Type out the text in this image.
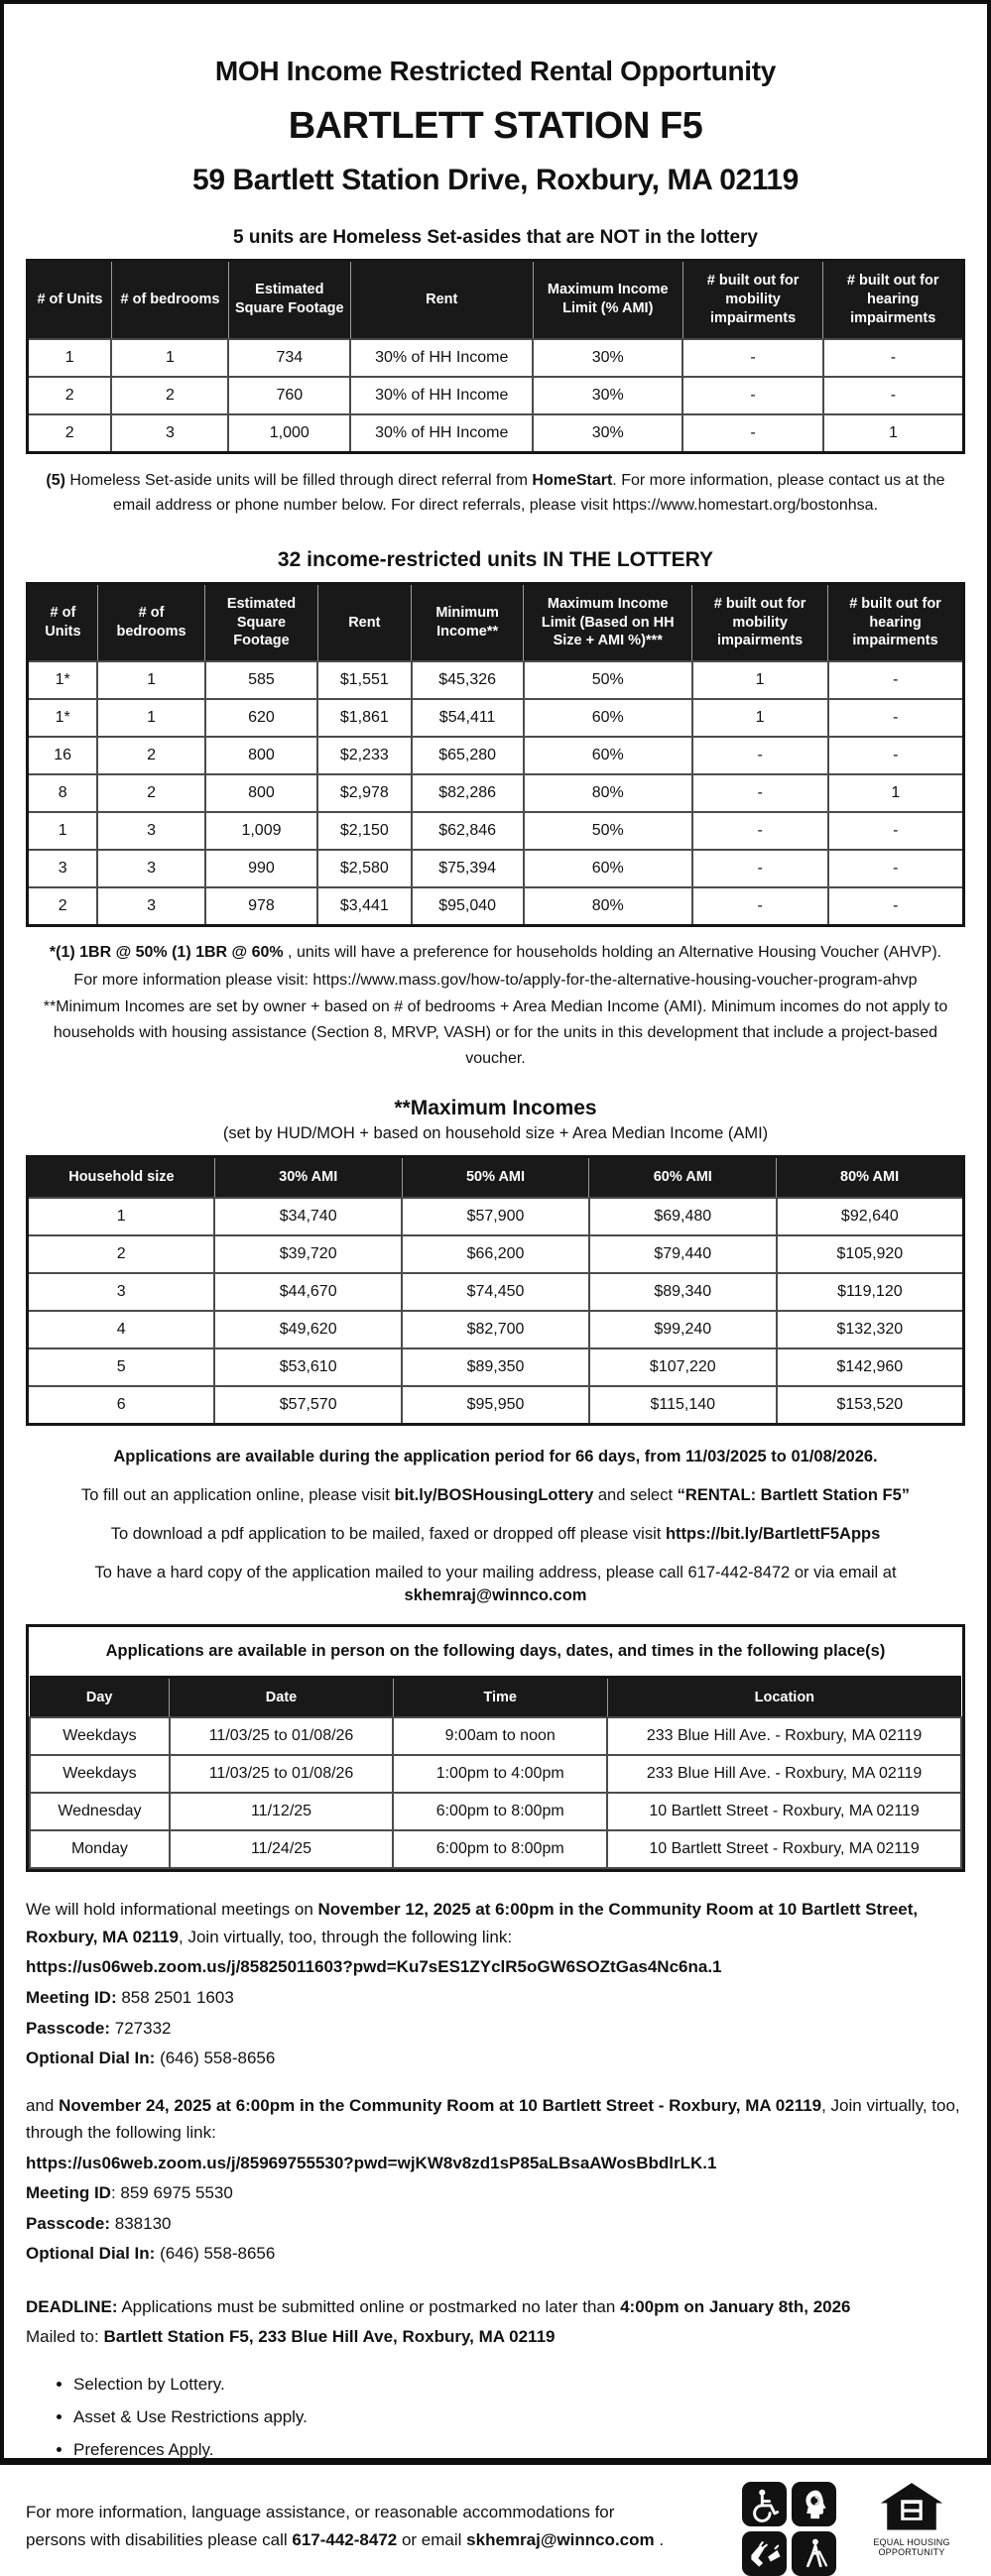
MOH Income Restricted Rental Opportunity
BARTLETT STATION F5
59 Bartlett Station Drive, Roxbury, MA 02119
5 units are Homeless Set-asides that are NOT in the lottery
# of Units	# of bedrooms	Estimated Square Footage	Rent	Maximum Income Limit (% AMI)	# built out for mobility impairments	# built out for hearing impairments
1	1	734	30% of HH Income	30%	-	-
2	2	760	30% of HH Income	30%	-	-
2	3	1,000	30% of HH Income	30%	-	1

(5) Homeless Set-aside units will be filled through direct referral from HomeStart. For more information, please contact us at the email address or phone number below. For direct referrals, please visit https://www.homestart.org/bostonhsa.

32 income-restricted units IN THE LOTTERY
# of Units	# of bedrooms	Estimated Square Footage	Rent	Minimum Income**	Maximum Income Limit (Based on HH Size + AMI %)***	# built out for mobility impairments	# built out for hearing impairments
1*	1	585	$1,551	$45,326	50%	1	-
1*	1	620	$1,861	$54,411	60%	1	-
16	2	800	$2,233	$65,280	60%	-	-
8	2	800	$2,978	$82,286	80%	-	1
1	3	1,009	$2,150	$62,846	50%	-	-
3	3	990	$2,580	$75,394	60%	-	-
2	3	978	$3,441	$95,040	80%	-	-

*(1) 1BR @ 50% (1) 1BR @ 60% , units will have a preference for households holding an Alternative Housing Voucher (AHVP).

For more information please visit: https://www.mass.gov/how-to/apply-for-the-alternative-housing-voucher-program-ahvp

**Minimum Incomes are set by owner + based on # of bedrooms + Area Median Income (AMI). Minimum incomes do not apply to households with housing assistance (Section 8, MRVP, VASH) or for the units in this development that include a project-based voucher.

**Maximum Incomes
(set by HUD/MOH + based on household size + Area Median Income (AMI)
Household size	30% AMI	50% AMI	60% AMI	80% AMI
1	$34,740	$57,900	$69,480	$92,640
2	$39,720	$66,200	$79,440	$105,920
3	$44,670	$74,450	$89,340	$119,120
4	$49,620	$82,700	$99,240	$132,320
5	$53,610	$89,350	$107,220	$142,960
6	$57,570	$95,950	$115,140	$153,520

Applications are available during the application period for 66 days, from 11/03/2025 to 01/08/2026.

To fill out an application online, please visit bit.ly/BOSHousingLottery and select “RENTAL: Bartlett Station F5”

To download a pdf application to be mailed, faxed or dropped off please visit https://bit.ly/BartlettF5Apps

To have a hard copy of the application mailed to your mailing address, please call 617-442-8472 or via email at skhemraj@winnco.com

Applications are available in person on the following days, dates, and times in the following place(s)
Day	Date	Time	Location
Weekdays	11/03/25 to 01/08/26	9:00am to noon	233 Blue Hill Ave. - Roxbury, MA 02119
Weekdays	11/03/25 to 01/08/26	1:00pm to 4:00pm	233 Blue Hill Ave. - Roxbury, MA 02119
Wednesday	11/12/25	6:00pm to 8:00pm	10 Bartlett Street - Roxbury, MA 02119
Monday	11/24/25	6:00pm to 8:00pm	10 Bartlett Street - Roxbury, MA 02119

We will hold informational meetings on November 12, 2025 at 6:00pm in the Community Room at 10 Bartlett Street, Roxbury, MA 02119, Join virtually, too, through the following link:

https://us06web.zoom.us/j/85825011603?pwd=Ku7sES1ZYclR5oGW6SOZtGas4Nc6na.1

Meeting ID: 858 2501 1603

Passcode: 727332

Optional Dial In: (646) 558-8656

and November 24, 2025 at 6:00pm in the Community Room at 10 Bartlett Street - Roxbury, MA 02119, Join virtually, too, through the following link:

https://us06web.zoom.us/j/85969755530?pwd=wjKW8v8zd1sP85aLBsaAWosBbdlrLK.1

Meeting ID: 859 6975 5530

Passcode: 838130

Optional Dial In: (646) 558-8656

DEADLINE: Applications must be submitted online or postmarked no later than 4:00pm on January 8th, 2026

Mailed to: Bartlett Station F5, 233 Blue Hill Ave, Roxbury, MA 02119

• Selection by Lottery.
• Asset & Use Restrictions apply.
• Preferences Apply.

For more information, language assistance, or reasonable accommodations for persons with disabilities please call 617-442-8472 or email skhemraj@winnco.com .	EQUAL HOUSING
OPPORTUNITY
